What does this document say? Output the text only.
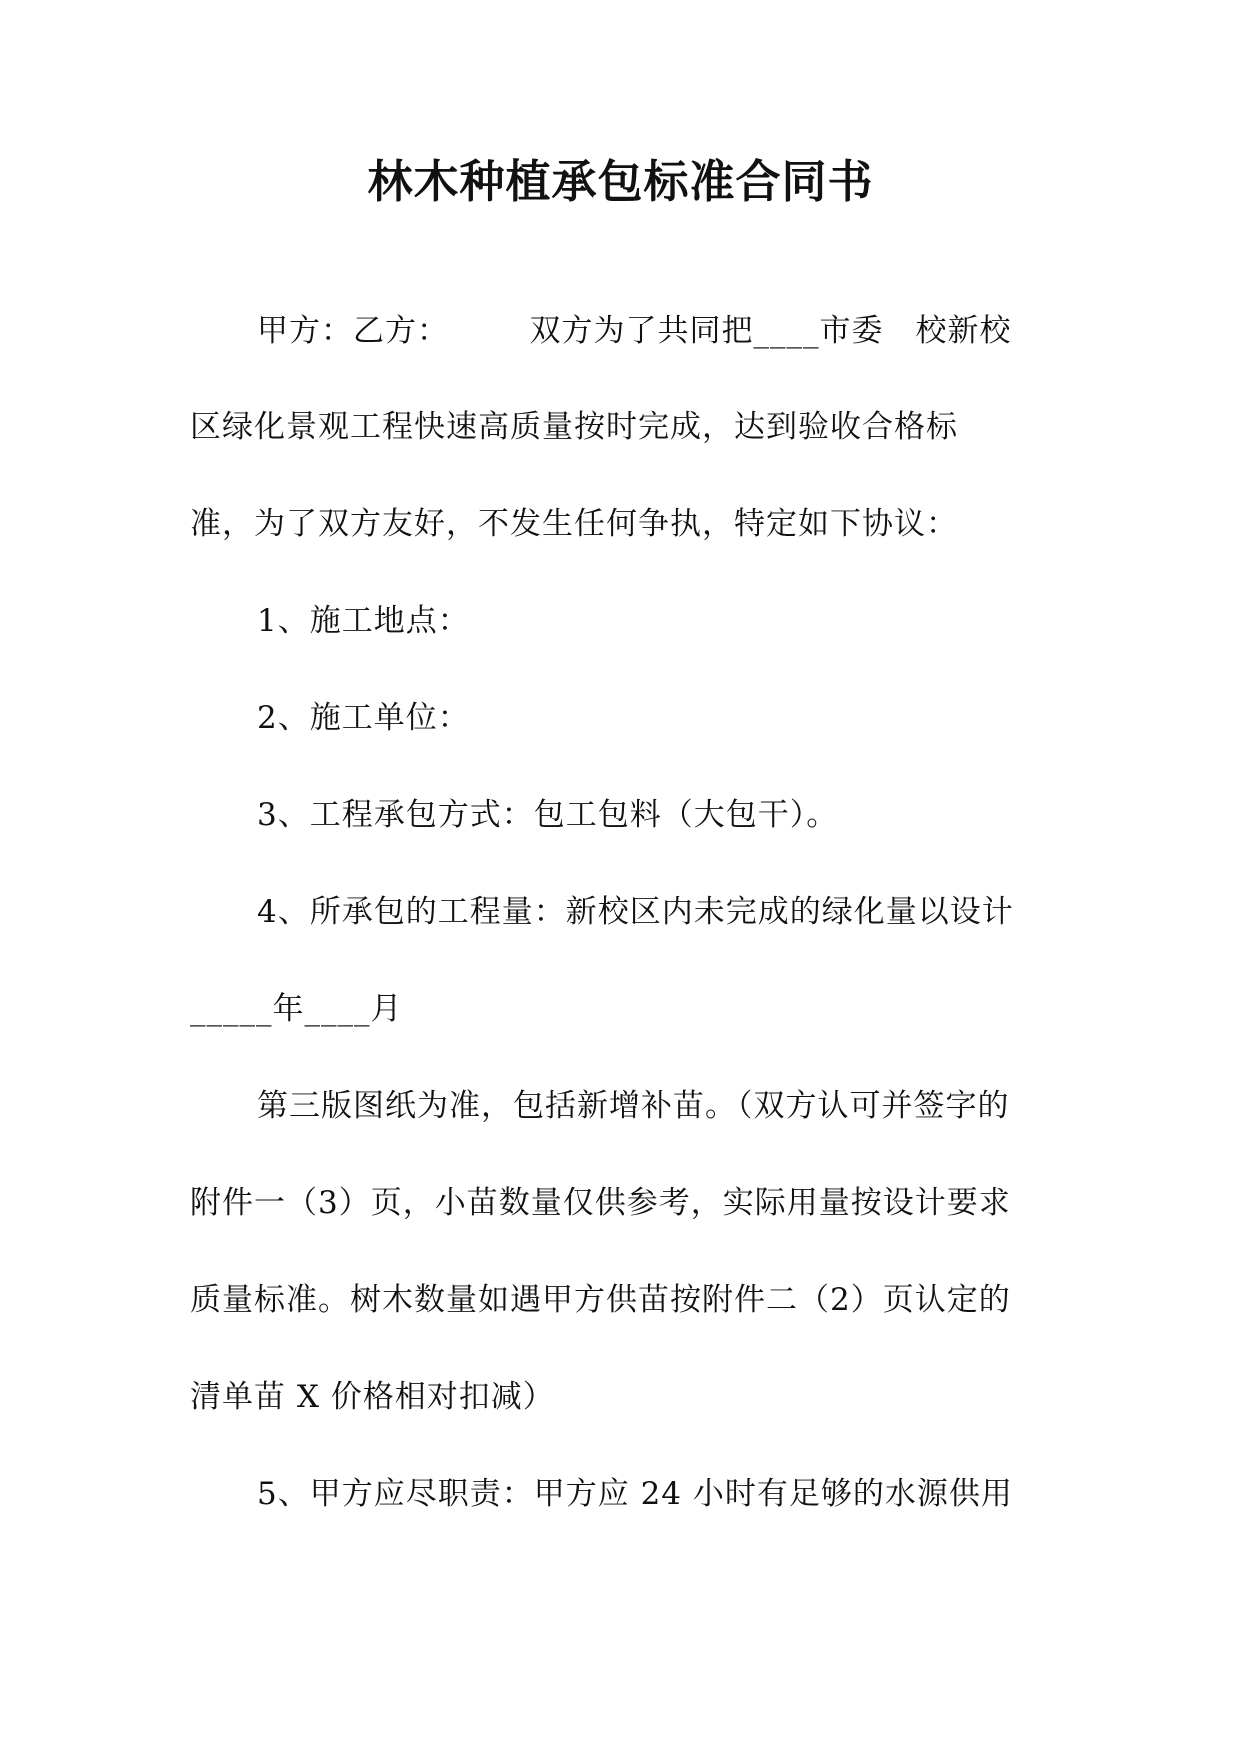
林木种植承包标准合同书
甲方：乙方：　　　双方为了共同把____市委　校新校
区绿化景观工程快速高质量按时完成，达到验收合格标
准，为了双方友好，不发生任何争执，特定如下协议：
1、施工地点：
2、施工单位：
3、工程承包方式：包工包料（大包干）。
4、所承包的工程量：新校区内未完成的绿化量以设计
_____年____月
第三版图纸为准，包括新增补苗。（双方认可并签字的
附件一（3）页，小苗数量仅供参考，实际用量按设计要求
质量标准。树木数量如遇甲方供苗按附件二（2）页认定的
清单苗 X 价格相对扣减）
5、甲方应尽职责：甲方应 24 小时有足够的水源供用
